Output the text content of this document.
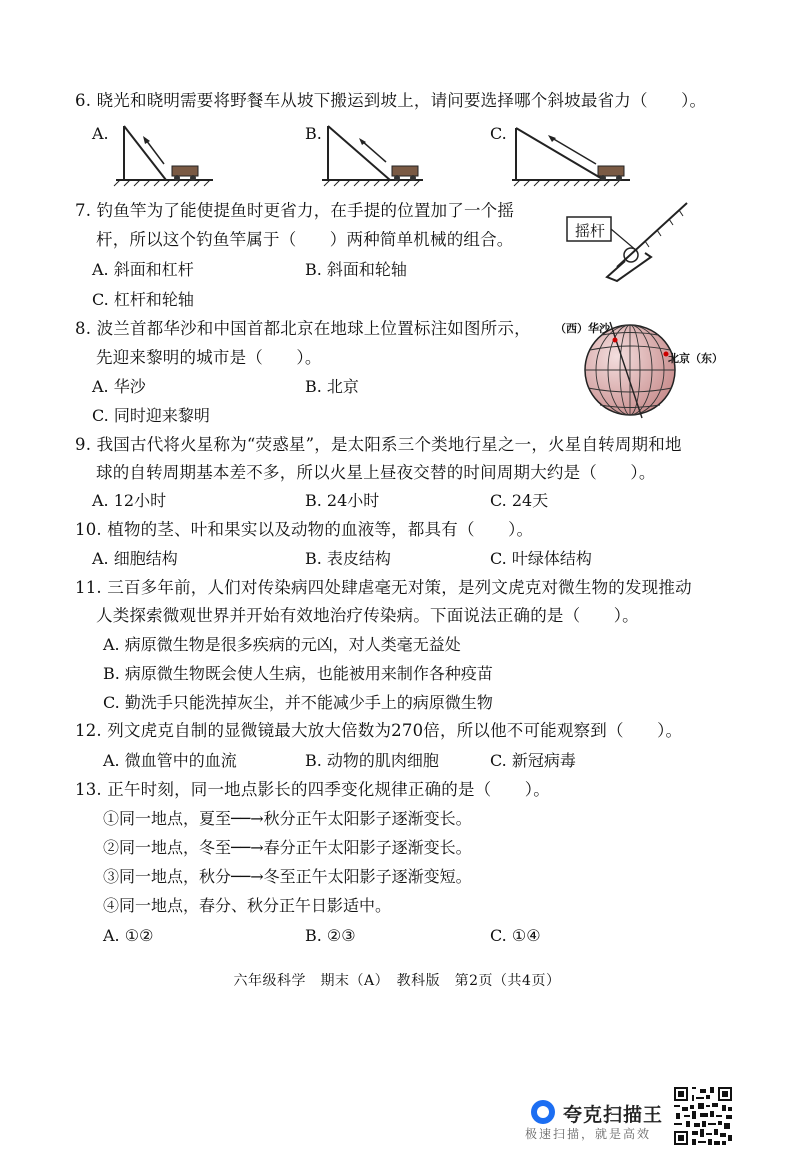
6. 晓光和晓明需要将野餐车从坡下搬运到坡上，请问要选择哪个斜坡最省力（　　）。
A.	B.	C.
7. 钓鱼竿为了能使提鱼时更省力，在手提的位置加了一个摇
杆，所以这个钓鱼竿属于（　　）两种简单机械的组合。
A. 斜面和杠杆	B. 斜面和轮轴
C. 杠杆和轮轴
摇杆
8. 波兰首都华沙和中国首都北京在地球上位置标注如图所示，
先迎来黎明的城市是（　　）。
A. 华沙	B. 北京
C. 同时迎来黎明
（西）华沙
北京（东）
9. 我国古代将火星称为“荧惑星”，是太阳系三个类地行星之一，火星自转周期和地
球的自转周期基本差不多，所以火星上昼夜交替的时间周期大约是（　　）。
A. 12小时	B. 24小时	C. 24天
10. 植物的茎、叶和果实以及动物的血液等，都具有（　　）。
A. 细胞结构	B. 表皮结构	C. 叶绿体结构
11. 三百多年前，人们对传染病四处肆虐毫无对策，是列文虎克对微生物的发现推动
人类探索微观世界并开始有效地治疗传染病。下面说法正确的是（　　）。
A. 病原微生物是很多疾病的元凶，对人类毫无益处
B. 病原微生物既会使人生病，也能被用来制作各种疫苗
C. 勤洗手只能洗掉灰尘，并不能减少手上的病原微生物
12. 列文虎克自制的显微镜最大放大倍数为270倍，所以他不可能观察到（　　）。
A. 微血管中的血流	B. 动物的肌肉细胞	C. 新冠病毒
13. 正午时刻，同一地点影长的四季变化规律正确的是（　　）。
①同一地点，夏至──→秋分正午太阳影子逐渐变长。
②同一地点，冬至──→春分正午太阳影子逐渐变长。
③同一地点，秋分──→冬至正午太阳影子逐渐变短。
④同一地点，春分、秋分正午日影适中。
A. ①②	B. ②③	C. ①④
六年级科学　期末（A）　教科版　第2页（共4页）
夸克扫描王
极速扫描，就是高效
